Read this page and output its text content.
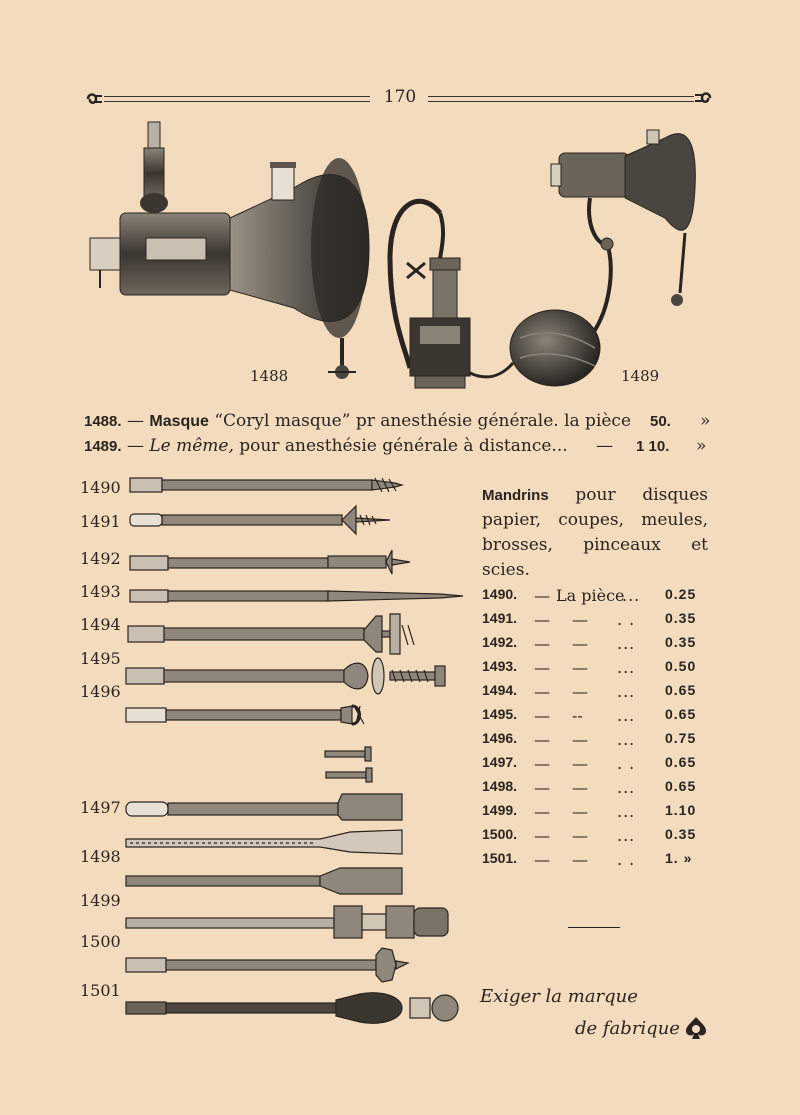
170
1488	1489
1488. — Masque “Coryl masque” pr anesthésie générale. la pièce 50. »
1489. — Le même, pour anesthésie générale à distance... — 1 10. »
1490
1491
1492
1493
1494
1495
1496
1497
1498
1499
1500
1501
Mandrins pour disques papier, coupes, meules, brosses, pinceaux et scies.
1490. — La pièce
... 0.25
1491. — — . . 0.35
1492. — — ... 0.35
1493. — — ... 0.50
1494. — — ... 0.65
1495. — -- ... 0.65
1496. — — ... 0.75
1497. — — . . 0.65
1498. — — ... 0.65
1499. — — ... 1.10
1500. — — ... 0.35
1501. — — . . 1. »
Exiger la marque
de fabrique
